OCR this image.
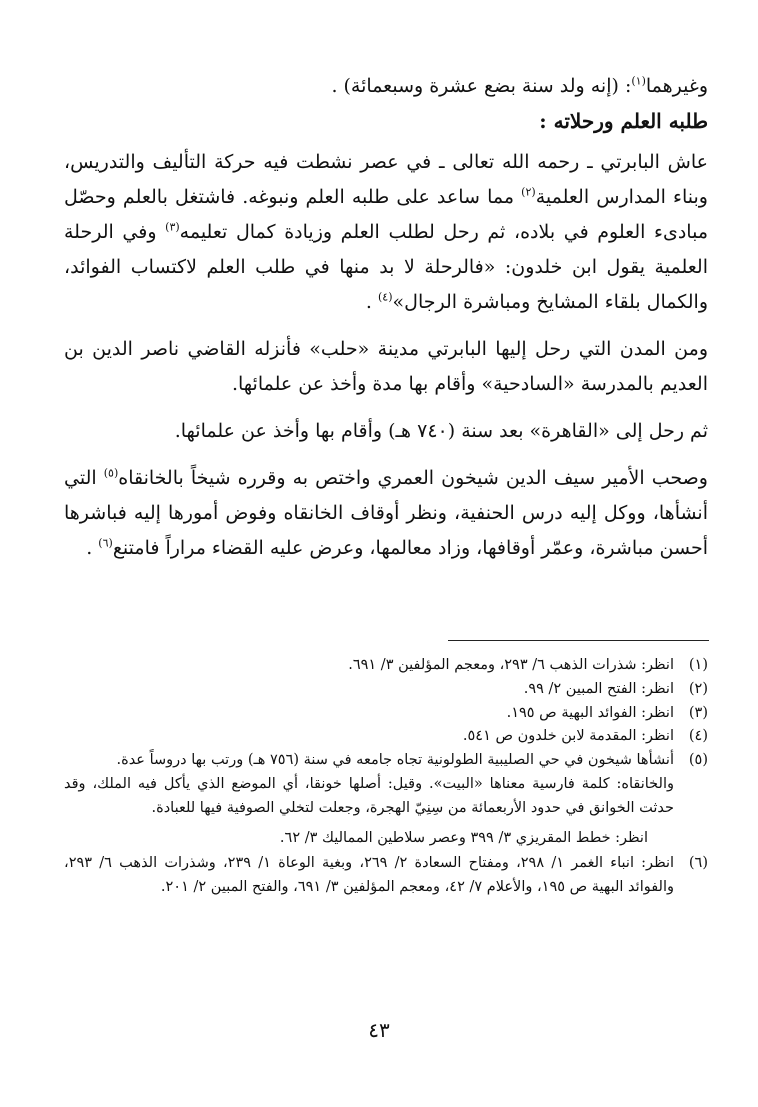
وغيرهما$^{(١)}$: (إنه ولد سنة بضع عشرة وسبعمائة) .

طلبه العلم ورحلاته :

عاش البابرتي ـ رحمه الله تعالى ـ في عصر نشطت فيه حركة التأليف والتدريس، وبناء المدارس العلمية$^{(٢)}$ مما ساعد على طلبه العلم ونبوغه. فاشتغل بالعلم وحصّل مبادىء العلوم في بلاده، ثم رحل لطلب العلم وزيادة كمال تعليمه$^{(٣)}$ وفي الرحلة العلمية يقول ابن خلدون: «فالرحلة لا بد منها في طلب العلم لاكتساب الفوائد، والكمال بلقاء المشايخ ومباشرة الرجال»$^{(٤)}$ .

ومن المدن التي رحل إليها البابرتي مدينة «حلب» فأنزله القاضي ناصر الدين بن العديم بالمدرسة «السادحية» وأقام بها مدة وأخذ عن علمائها.

ثم رحل إلى «القاهرة» بعد سنة (٧٤٠ هـ) وأقام بها وأخذ عن علمائها.

وصحب الأمير سيف الدين شيخون العمري واختص به وقرره شيخاً بالخانقاه$^{(٥)}$ التي أنشأها، ووكل إليه درس الحنفية، ونظر أوقاف الخانقاه وفوض أمورها إليه فباشرها أحسن مباشرة، وعمّر أوقافها، وزاد معالمها، وعرض عليه القضاء مراراً فامتنع$^{(٦)}$ .

(١)
انظر: شذرات الذهب ٦/ ٢٩٣، ومعجم المؤلفين ٣/ ٦٩١.
(٢)
انظر: الفتح المبين ٢/ ٩٩.
(٣)
انظر: الفوائد البهية ص ١٩٥.
(٤)
انظر: المقدمة لابن خلدون ص ٥٤١.
(٥)
أنشأها شيخون في حي الصليبية الطولونية تجاه جامعه في سنة (٧٥٦ هـ) ورتب بها دروساً عدة.

والخانقاه: كلمة فارسية معناها «البيت». وقيل: أصلها خونقا، أي الموضع الذي يأكل فيه الملك، وقد حدثت الخوانق في حدود الأربعمائة من سِنِيّ الهجرة، وجعلت لتخلي الصوفية فيها للعبادة.

انظر: خطط المقريزي ٣/ ٣٩٩ وعصر سلاطين المماليك ٣/ ٦٢.

(٦)
انظر: انباء الغمر ١/ ٢٩٨، ومفتاح السعادة ٢/ ٢٦٩، وبغية الوعاة ١/ ٢٣٩، وشذرات الذهب ٦/ ٢٩٣، والفوائد البهية ص ١٩٥، والأعلام ٧/ ٤٢، ومعجم المؤلفين ٣/ ٦٩١، والفتح المبين ٢/ ٢٠١.
٤٣
